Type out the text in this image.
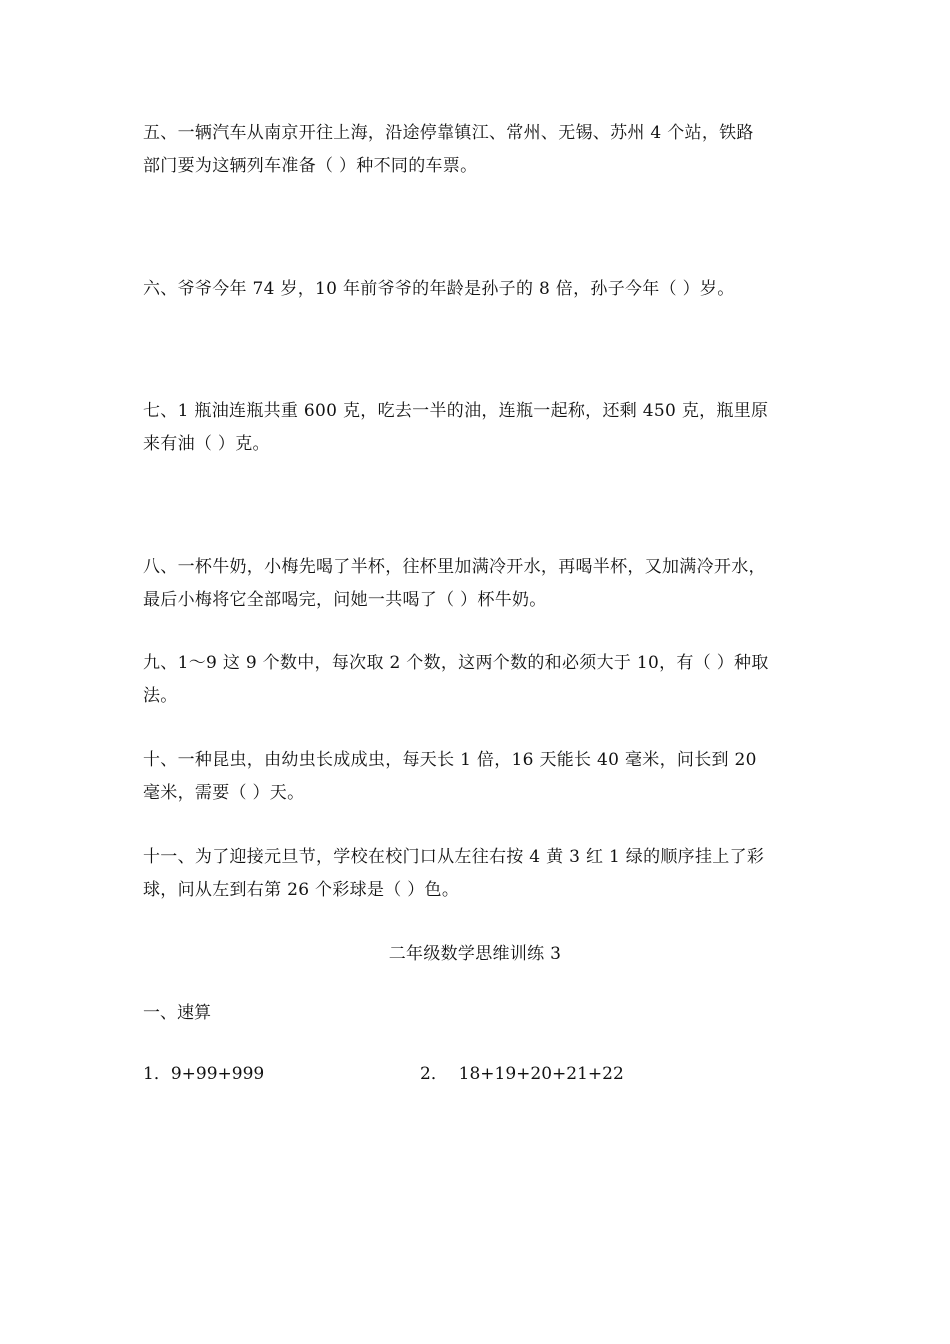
五、一辆汽车从南京开往上海，沿途停靠镇江、常州、无锡、苏州 4 个站，铁路
部门要为这辆列车准备（ ）种不同的车票。

六、爷爷今年 74 岁，10 年前爷爷的年龄是孙子的 8 倍，孙子今年（ ）岁。

七、1 瓶油连瓶共重 600 克，吃去一半的油，连瓶一起称，还剩 450 克，瓶里原
来有油（ ）克。

八、一杯牛奶，小梅先喝了半杯，往杯里加满冷开水，再喝半杯，又加满冷开水，
最后小梅将它全部喝完，问她一共喝了（ ）杯牛奶。

九、1～9 这 9 个数中，每次取 2 个数，这两个数的和必须大于 10，有（ ）种取
法。

十、一种昆虫，由幼虫长成成虫，每天长 1 倍，16 天能长 40 毫米，问长到 20
毫米，需要（ ）天。

十一、为了迎接元旦节，学校在校门口从左往右按 4 黄 3 红 1 绿的顺序挂上了彩
球，问从左到右第 26 个彩球是（ ）色。

二年级数学思维训练 3
一、速算
1．9+99+999	2． 18+19+20+21+22
